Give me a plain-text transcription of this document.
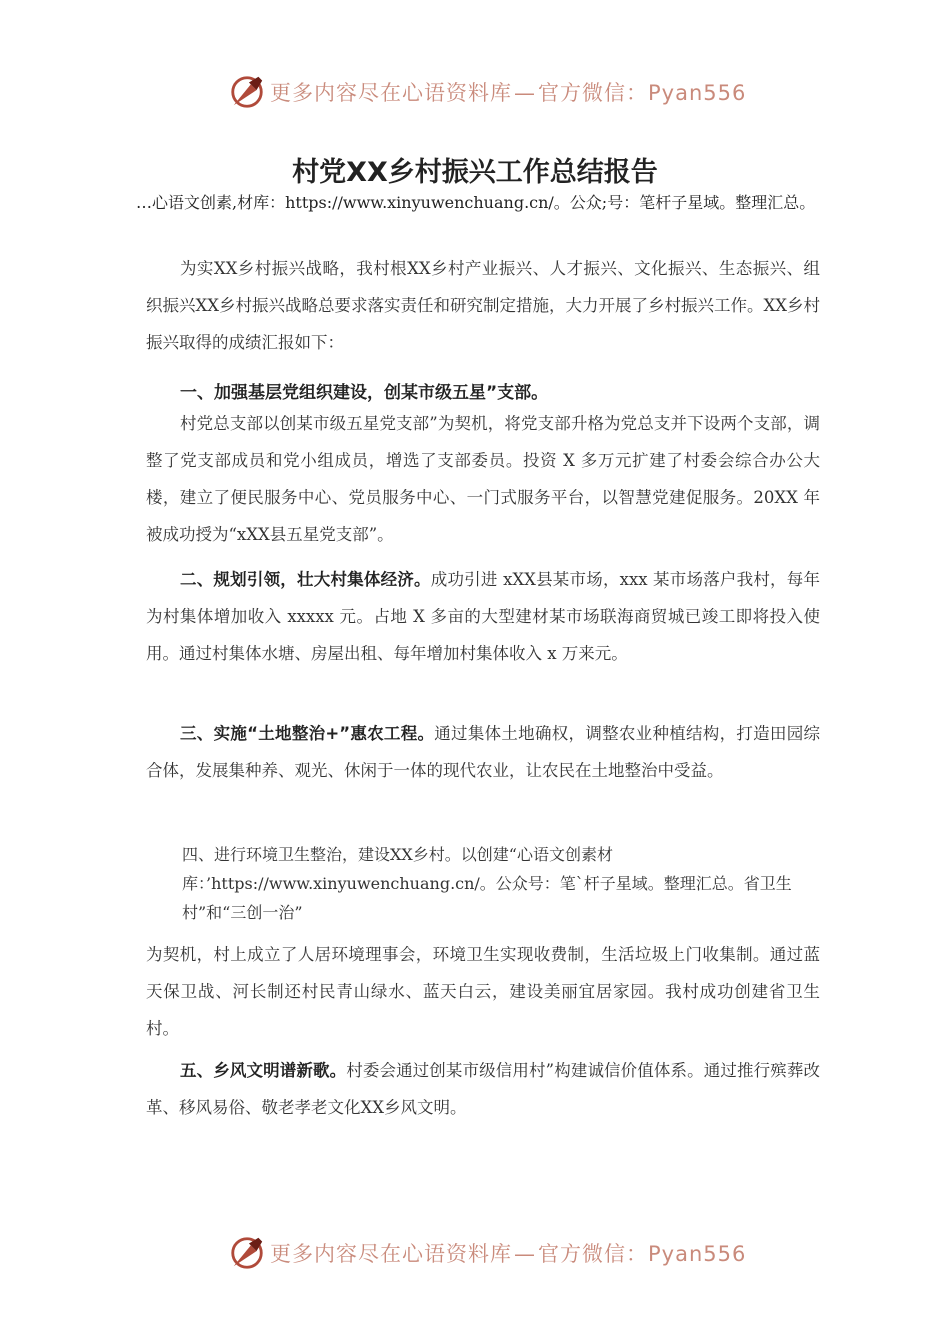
更多内容尽在心语资料库—官方微信：Pyan556
村党XX乡村振兴工作总结报告

…心语文创素,材库：https://www.xinyuwenchuang.cn/。公众;号：笔杆子星域。整理汇总。

为实XX乡村振兴战略，我村根XX乡村产业振兴、人才振兴、文化振兴、生态振兴、组织振兴XX乡村振兴战略总要求落实责任和研究制定措施，大力开展了乡村振兴工作。XX乡村振兴取得的成绩汇报如下：

一、加强基层党组织建设，创某市级五星”支部。

村党总支部以创某市级五星党支部”为契机，将党支部升格为党总支并下设两个支部，调整了党支部成员和党小组成员，增选了支部委员。投资 X 多万元扩建了村委会综合办公大楼，建立了便民服务中心、党员服务中心、一门式服务平台，以智慧党建促服务。20XX 年被成功授为“xXX县五星党支部”。

二、规划引领，壮大村集体经济。成功引进 xXX县某市场，xxx 某市场落户我村，每年为村集体增加收入 xxxxx 元。占地 X 多亩的大型建材某市场联海商贸城已竣工即将投入使用。通过村集体水塘、房屋出租、每年增加村集体收入 x 万来元。

三、实施“土地整治+”惠农工程。通过集体土地确权，调整农业种植结构，打造田园综合体，发展集种养、观光、休闲于一体的现代农业，让农民在土地整治中受益。

四、进行环境卫生整治，建设XX乡村。以创建“心语文创素材库：’https://www.xinyuwenchuang.cn/。公众号：笔`杆子星域。整理汇总。省卫生村”和“三创一治”

为契机，村上成立了人居环境理事会，环境卫生实现收费制，生活垃圾上门收集制。通过蓝天保卫战、河长制还村民青山绿水、蓝天白云，建设美丽宜居家园。我村成功创建省卫生村。

五、乡风文明谱新歌。村委会通过创某市级信用村”构建诚信价值体系。通过推行殡葬改革、移风易俗、敬老孝老文化XX乡风文明。

更多内容尽在心语资料库—官方微信：Pyan556
